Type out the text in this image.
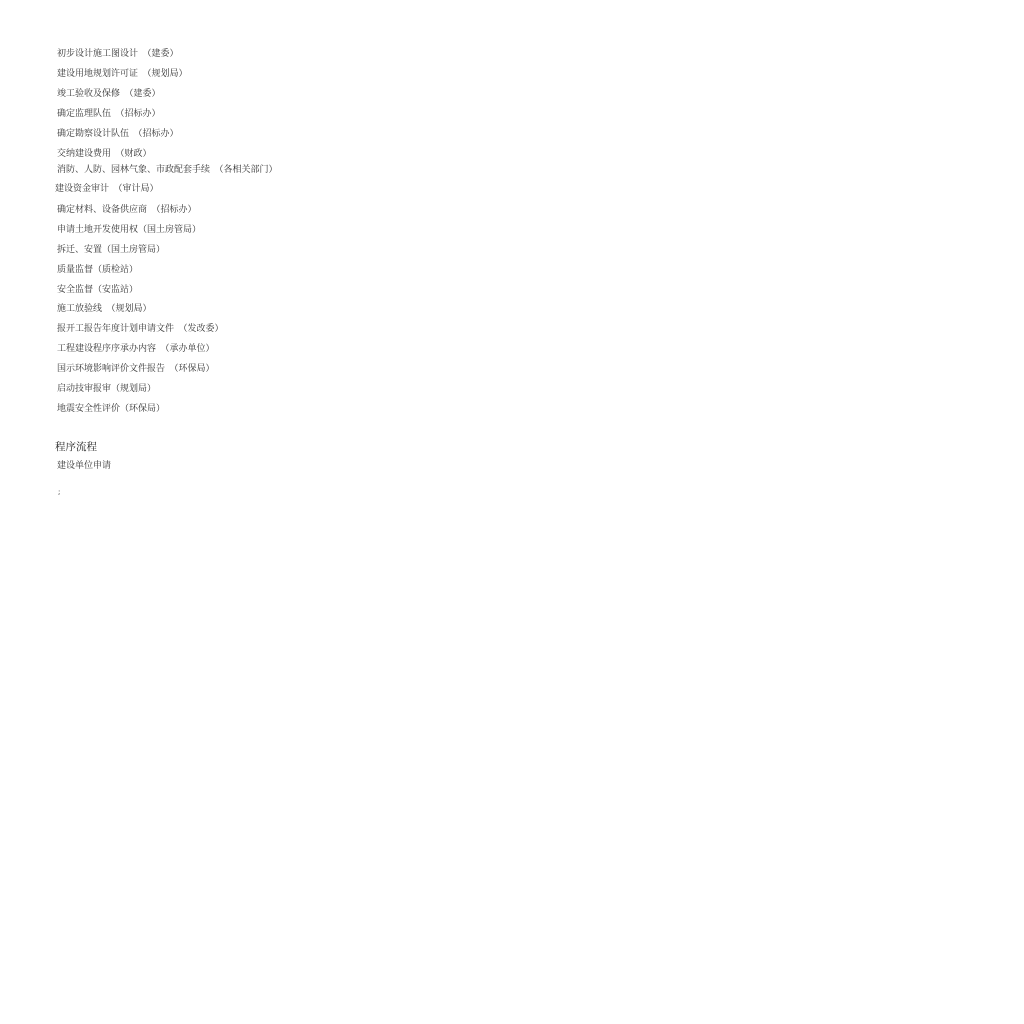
初步设计施工图设计　（建委）
建设用地规划许可证　（规划局）
竣工验收及保修　（建委）
确定监理队伍　（招标办）
确定勘察设计队伍　（招标办）
交纳建设费用　（财政）
消防、人防、园林气象、市政配套手续　（各相关部门）
建设资金审计　（审计局）
确定材料、设备供应商　（招标办）
申请土地开发使用权（国土房管局）
拆迁、安置（国土房管局）
质量监督（质检站）
安全监督（安监站）
施工放验线　（规划局）
报开工报告年度计划申请文件　（发改委）
工程建设程序序承办内容　（承办单位）
国示环境影响评价文件报告　（环保局）
启动技审报审（规划局）
地震安全性评价（环保局）
程序流程
建设单位申请
;
